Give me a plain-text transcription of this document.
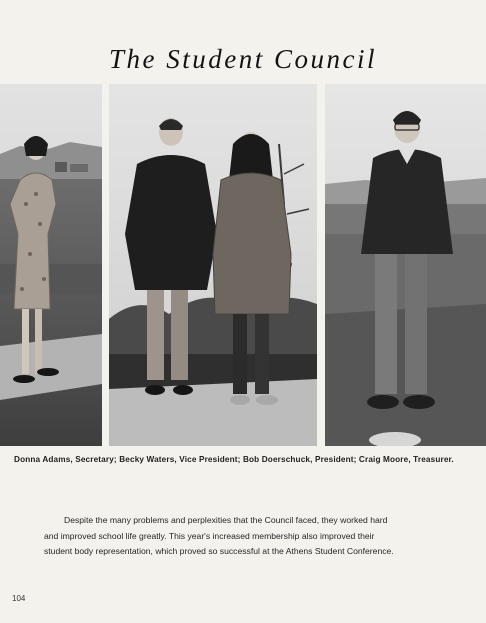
The Student Council
Donna Adams, Secretary; Becky Waters, Vice President; Bob Doerschuck, President; Craig Moore, Treasurer.
Despite the many problems and perplexities that the Council faced, they worked hard
and improved school life greatly. This year's increased membership also improved their
student body representation, which proved so successful at the Athens Student Conference.
104
